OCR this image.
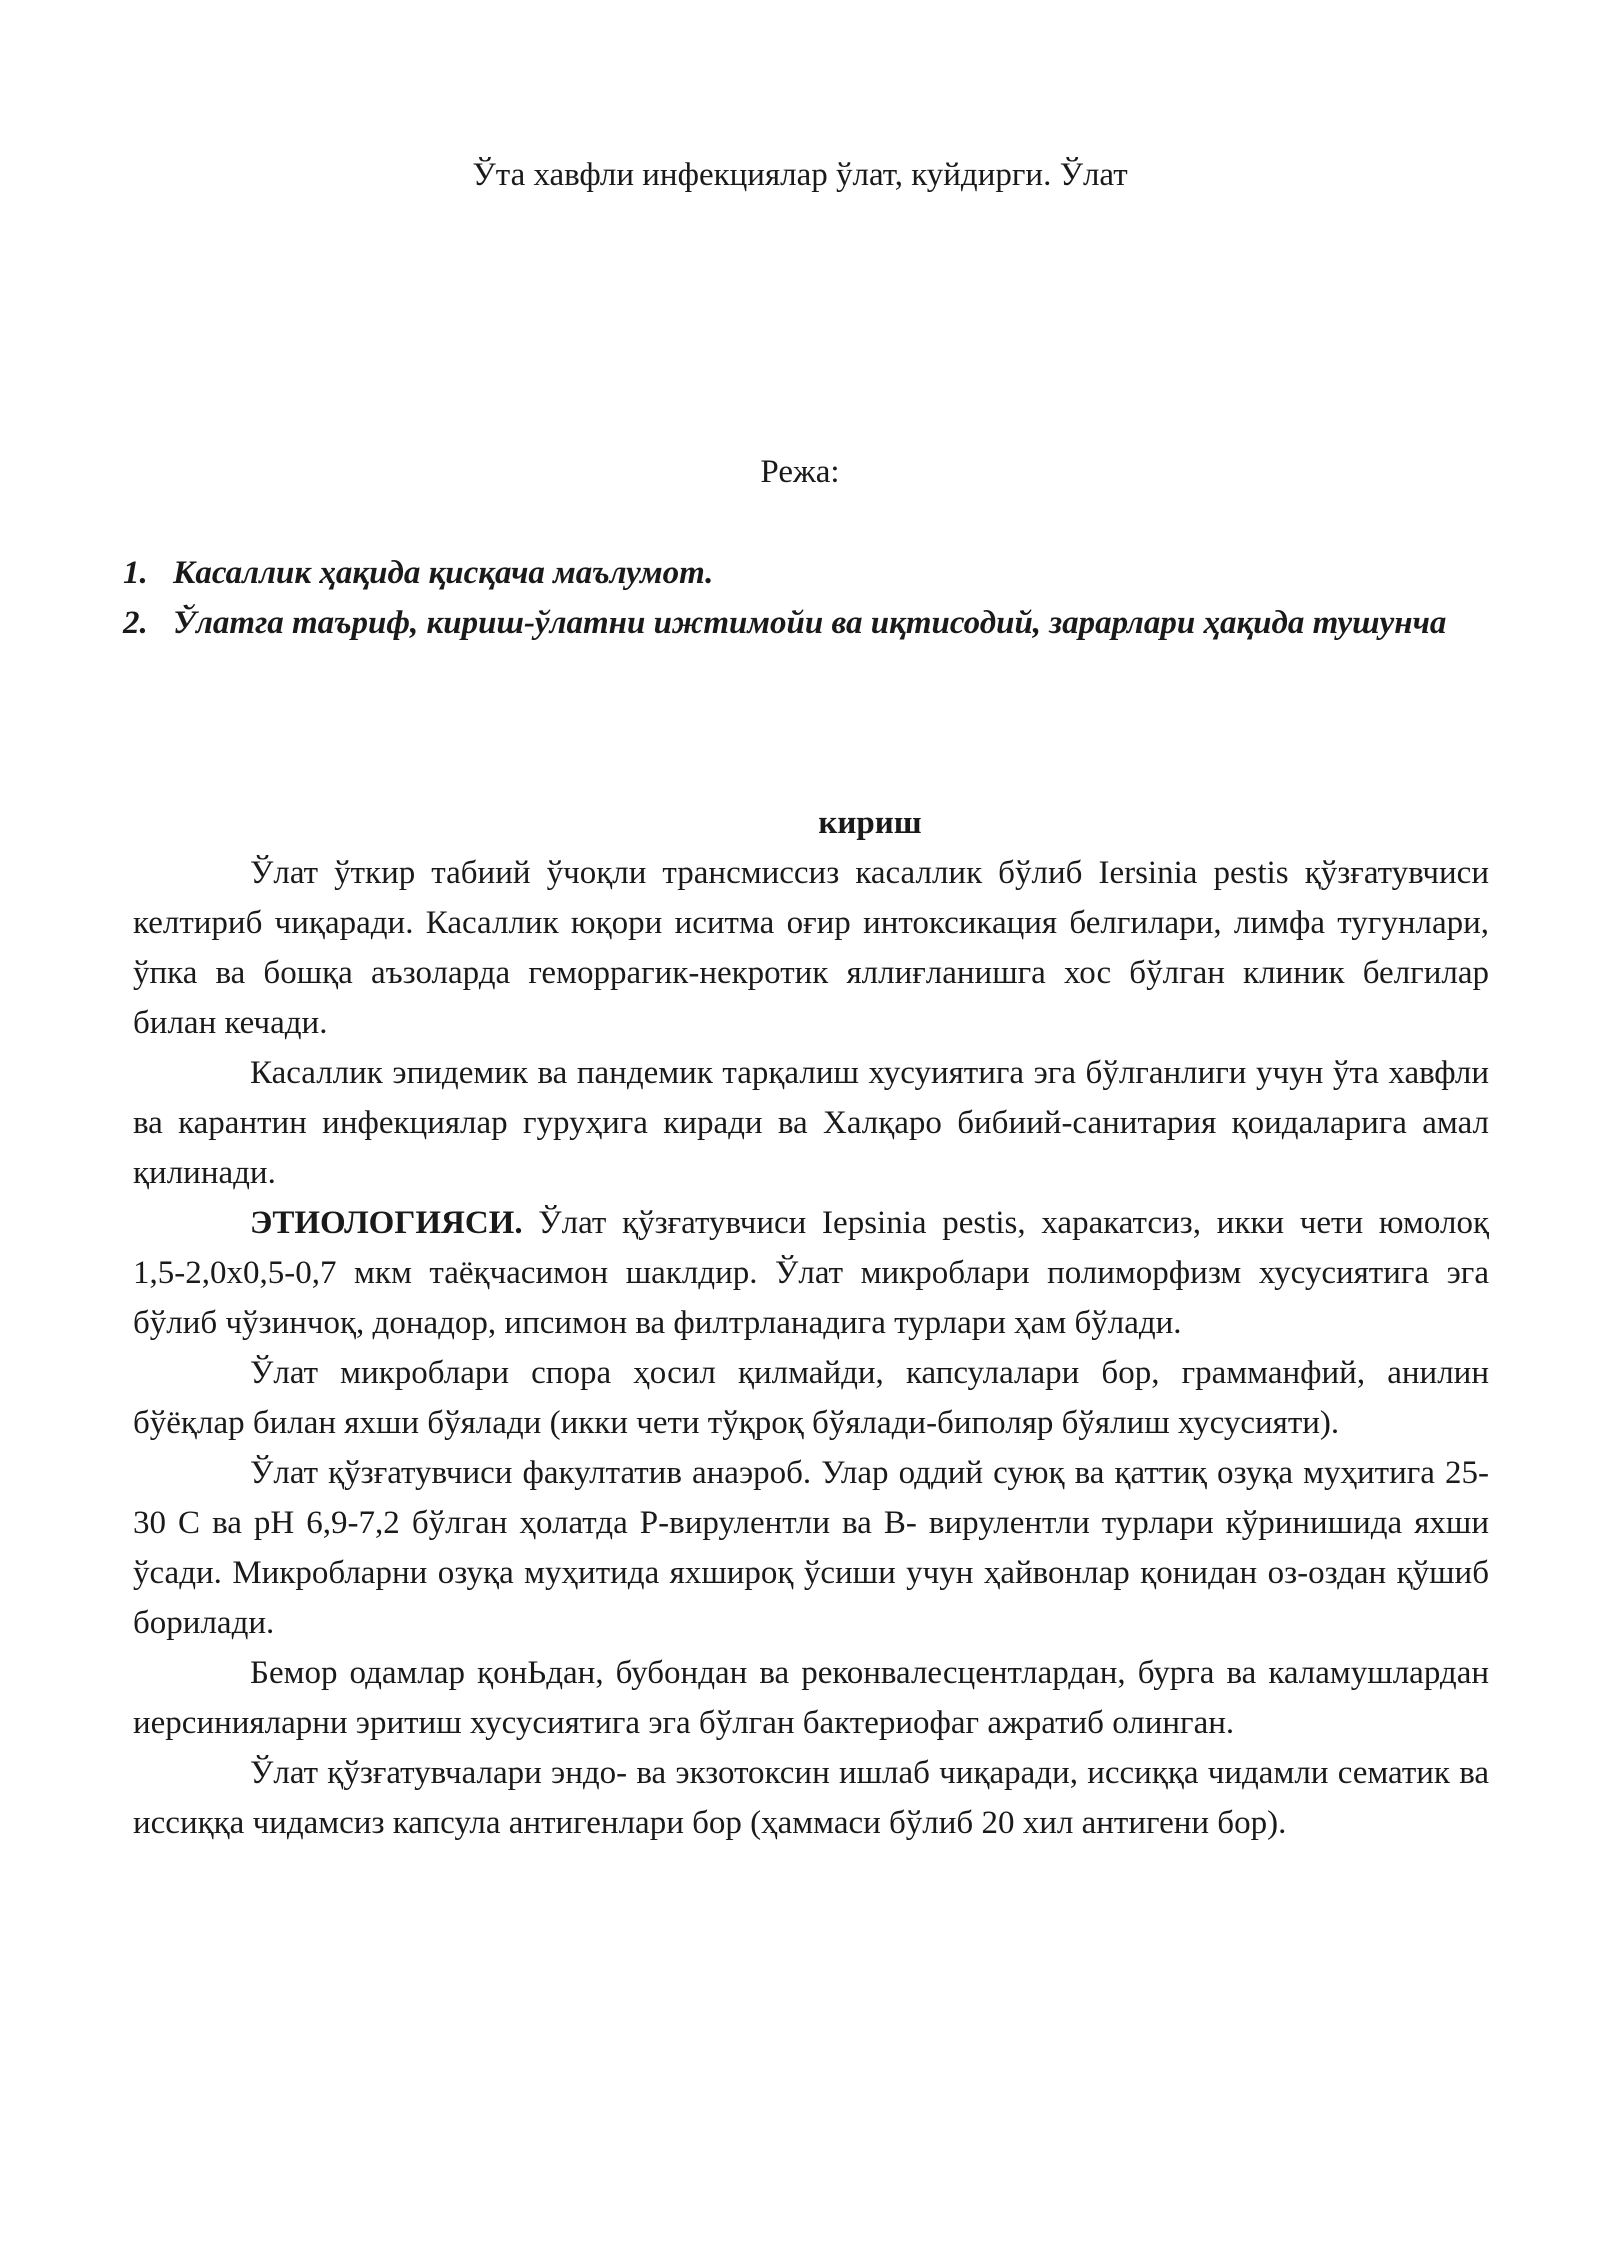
Ўта хавфли инфекциялар ўлат, куйдирги. Ўлат
Режа:
1. Касаллик ҳақида қисқача маълумот.
2. Ўлатга таъриф, кириш-ўлатни ижтимойи ва иқтисодий, зарарлари ҳақида тушунча
кириш

Ўлат ўткир табиий ўчоқли трансмиссиз касаллик бўлиб Iersinia pestis қўзғатувчиси келтириб чиқаради. Касаллик юқори иситма оғир интоксикация белгилари, лимфа тугунлари, ўпка ва бошқа аъзоларда геморрагик-некротик яллиғланишга хос бўлган клиник белгилар билан кечади.

Касаллик эпидемик ва пандемик тарқалиш хусуиятига эга бўлганлиги учун ўта хавфли ва карантин инфекциялар гуруҳига киради ва Халқаро бибиий-санитария қоидаларига амал қилинади.

ЭТИОЛОГИЯСИ. Ўлат қўзғатувчиси Iepsinia pestis, харакатсиз, икки чети юмолоқ 1,5-2,0х0,5-0,7 мкм таёқчасимон шаклдир. Ўлат микроблари полиморфизм хусусиятига эга бўлиб чўзинчоқ, донадор, ипсимон ва филтрланадига турлари ҳам бўлади.

Ўлат микроблари спора ҳосил қилмайди, капсулалари бор, грамманфий, анилин бўёқлар билан яхши бўялади (икки чети тўқроқ бўялади-биполяр бўялиш хусусияти).

Ўлат қўзғатувчиси факултатив анаэроб. Улар оддий суюқ ва қаттиқ озуқа муҳитига 25-30 С ва рН 6,9-7,2 бўлган ҳолатда Р-вирулентли ва В- вирулентли турлари кўринишида яхши ўсади. Микробларни озуқа муҳитида яхшироқ ўсиши учун ҳайвонлар қонидан оз-оздан қўшиб борилади.

Бемор одамлар қонЬдан, бубондан ва реконвалесцентлардан, бурга ва каламушлардан иерсинияларни эритиш хусусиятига эга бўлган бактериофаг ажратиб олинган.

Ўлат қўзғатувчалари эндо- ва экзотоксин ишлаб чиқаради, иссиққа чидамли сематик ва иссиққа чидамсиз капсула антигенлари бор (ҳаммаси бўлиб 20 хил антигени бор).
